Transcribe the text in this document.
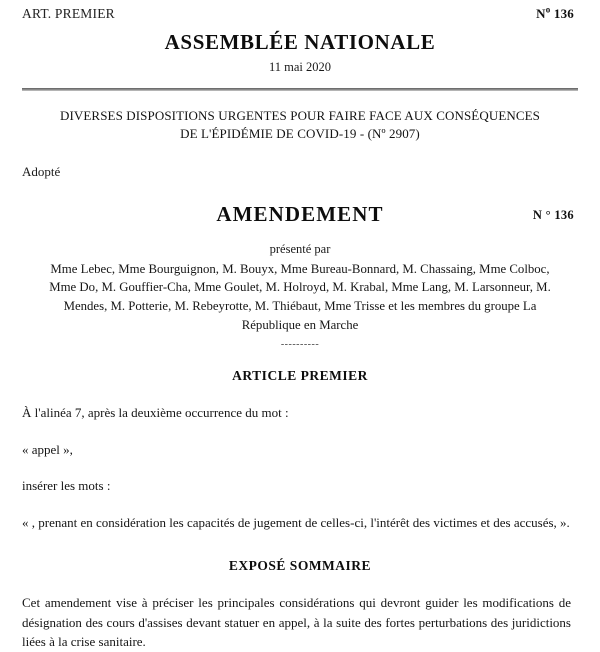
ART. PREMIER	$N^o$ 136
ASSEMBLÉE NATIONALE
11 mai 2020
DIVERSES DISPOSITIONS URGENTES POUR FAIRE FACE AUX CONSÉQUENCES DE L'ÉPIDÉMIE DE COVID-19 - (Nº 2907)
Adopté
AMENDEMENT	N ° 136
présenté par
Mme Lebec, Mme Bourguignon, M. Bouyx, Mme Bureau-Bonnard, M. Chassaing, Mme Colboc, Mme Do, M. Gouffier-Cha, Mme Goulet, M. Holroyd, M. Krabal, Mme Lang, M. Larsonneur, M. Mendes, M. Potterie, M. Rebeyrotte, M. Thiébaut, Mme Trisse et les membres du groupe La République en Marche
----------
ARTICLE PREMIER

À l'alinéa 7, après la deuxième occurrence du mot :

« appel »,

insérer les mots :

« , prenant en considération les capacités de jugement de celles-ci, l'intérêt des victimes et des accusés, ».

EXPOSÉ SOMMAIRE

Cet amendement vise à préciser les principales considérations qui devront guider les modifications de désignation des cours d'assises devant statuer en appel, à la suite des fortes perturbations des juridictions liées à la crise sanitaire.
